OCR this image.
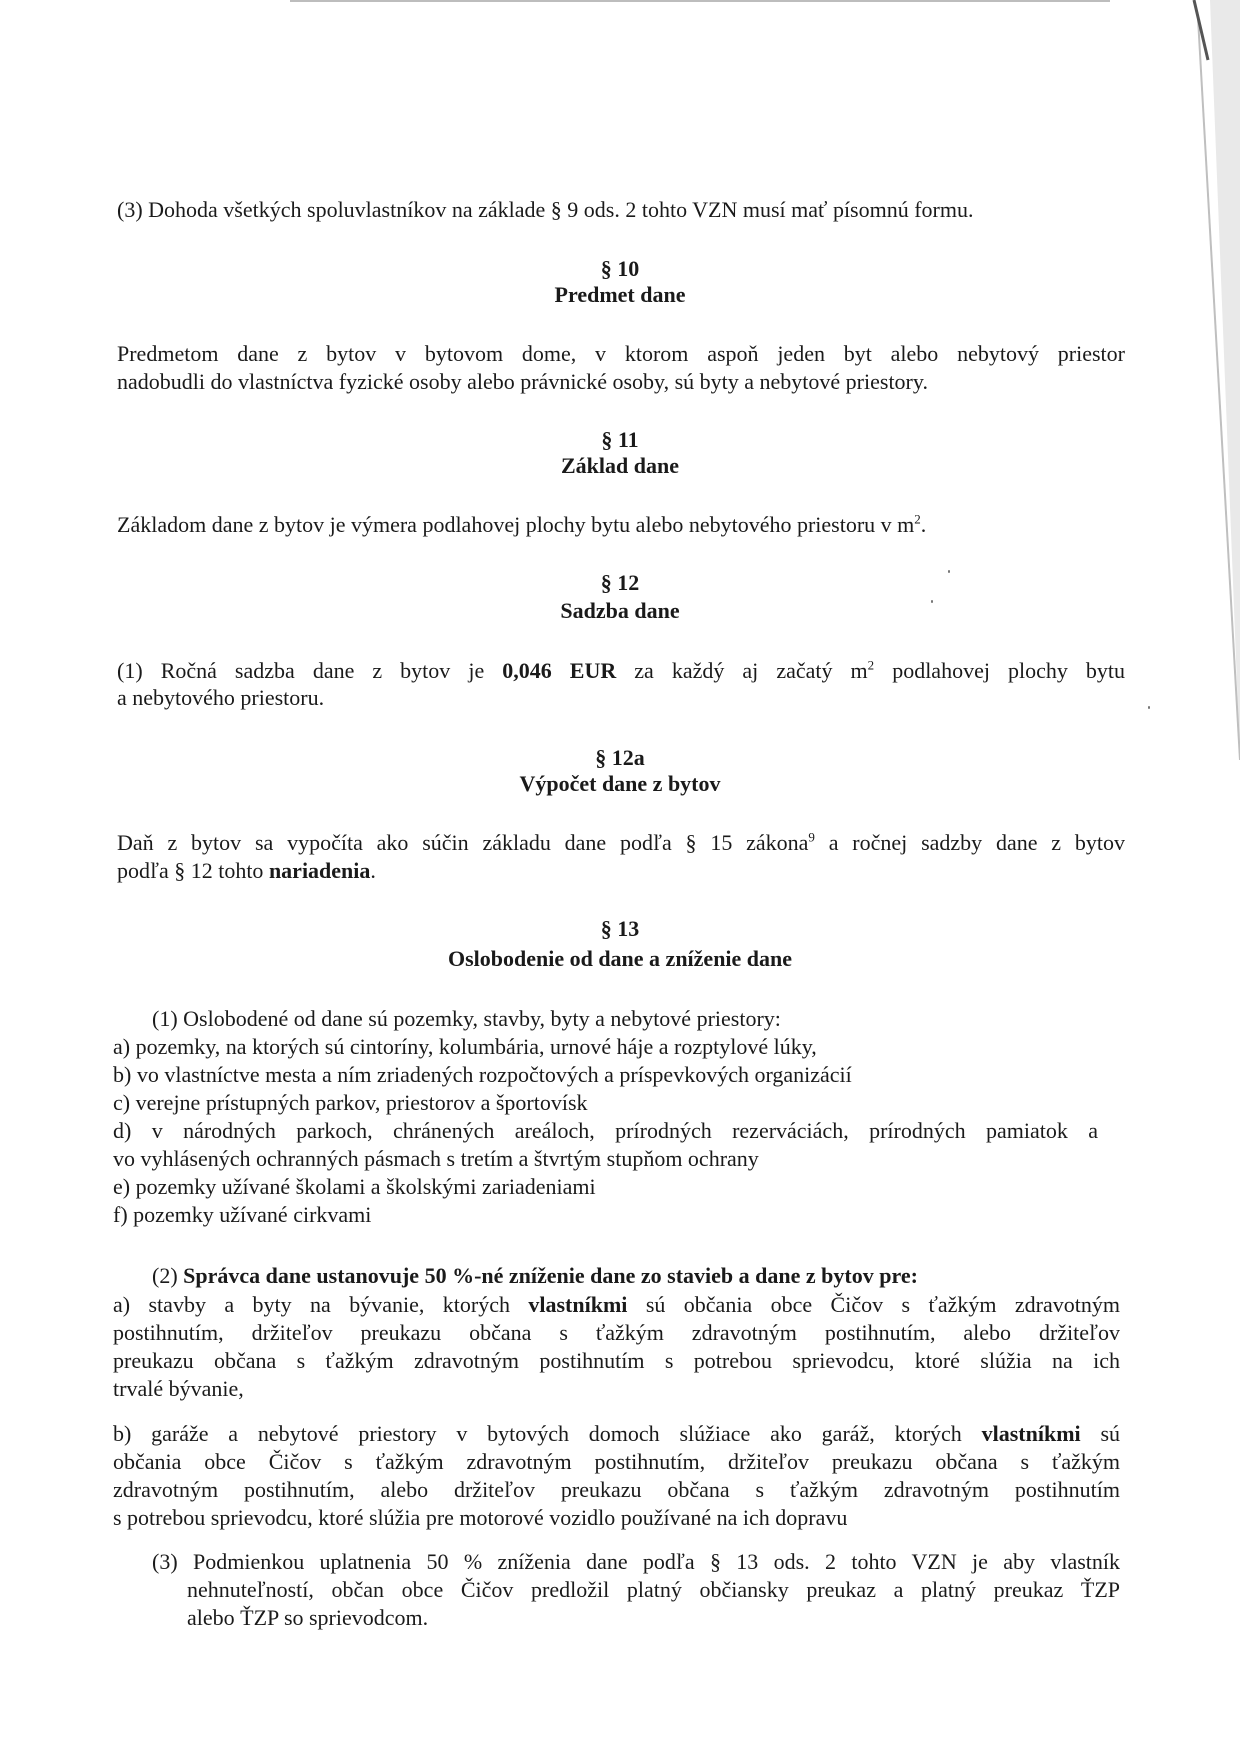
(3) Dohoda všetkých spoluvlastníkov na základe § 9 ods. 2 tohto VZN musí mať písomnú formu.
§ 10
Predmet dane
Predmetom dane z bytov v bytovom dome, v ktorom aspoň jeden byt alebo nebytový priestor
nadobudli do vlastníctva fyzické osoby alebo právnické osoby, sú byty a nebytové priestory.
§ 11
Základ dane
Základom dane z bytov je výmera podlahovej plochy bytu alebo nebytového priestoru v $m^2$.
§ 12
Sadzba dane
(1) Ročná sadzba dane z bytov je 0,046 EUR za každý aj začatý $m^2$ podlahovej plochy bytu
a nebytového priestoru.
§ 12a
Výpočet dane z bytov
Daň z bytov sa vypočíta ako súčin základu dane podľa § 15 zákona$^9$ a ročnej sadzby dane z bytov
podľa § 12 tohto nariadenia.
§ 13
Oslobodenie od dane a zníženie dane
(1) Oslobodené od dane sú pozemky, stavby, byty a nebytové priestory:
a) pozemky, na ktorých sú cintoríny, kolumbária, urnové háje a rozptylové lúky,
b) vo vlastníctve mesta a ním zriadených rozpočtových a príspevkových organizácií
c) verejne prístupných parkov, priestorov a športovísk
d) v národných parkoch, chránených areáloch, prírodných rezerváciách, prírodných pamiatok a
vo vyhlásených ochranných pásmach s tretím a štvrtým stupňom ochrany
e) pozemky užívané školami a školskými zariadeniami
f) pozemky užívané cirkvami
(2) Správca dane ustanovuje 50 %-né zníženie dane zo stavieb a dane z bytov pre:
a) stavby a byty na bývanie, ktorých vlastníkmi sú občania obce Čičov s ťažkým zdravotným
postihnutím, držiteľov preukazu občana s ťažkým zdravotným postihnutím, alebo držiteľov
preukazu občana s ťažkým zdravotným postihnutím s potrebou sprievodcu, ktoré slúžia na ich
trvalé bývanie,
b) garáže a nebytové priestory v bytových domoch slúžiace ako garáž, ktorých vlastníkmi sú
občania obce Čičov s ťažkým zdravotným postihnutím, držiteľov preukazu občana s ťažkým
zdravotným postihnutím, alebo držiteľov preukazu občana s ťažkým zdravotným postihnutím
s potrebou sprievodcu, ktoré slúžia pre motorové vozidlo používané na ich dopravu
(3) Podmienkou uplatnenia 50 % zníženia dane podľa § 13 ods. 2 tohto VZN je aby vlastník
nehnuteľností, občan obce Čičov predložil platný občiansky preukaz a platný preukaz ŤZP
alebo ŤZP so sprievodcom.
